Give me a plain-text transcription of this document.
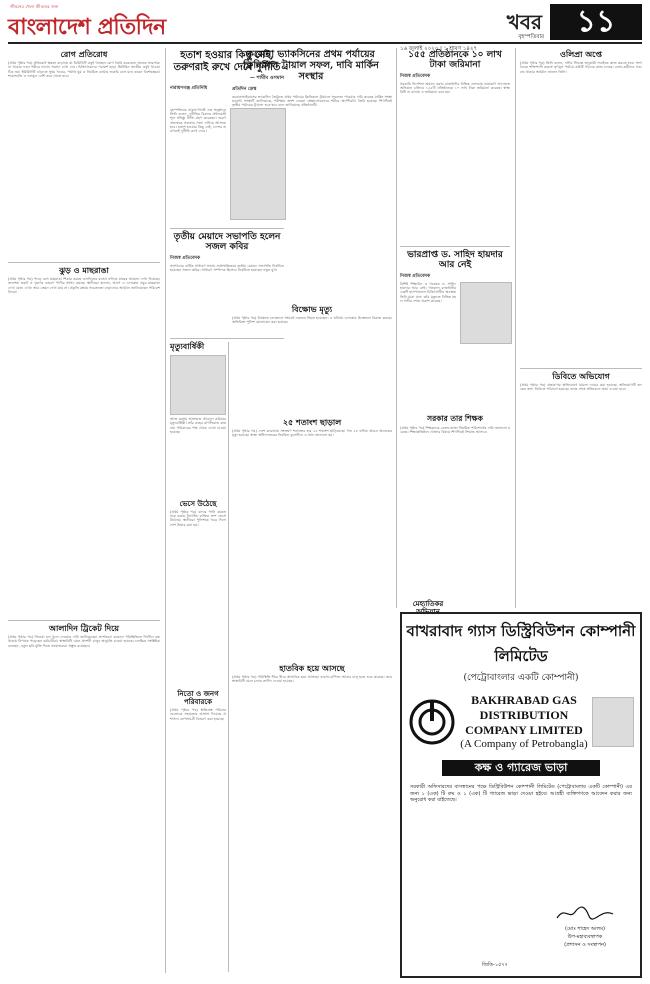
জীবনের খেলা জীবনের জন্য
বাংলাদেশ প্রতিদিন	খবর	১১
বৃহস্পতিবার
১৬ জুলাই ২০২০ | ১ শ্রাবণ ১৪২৭
রোগ প্রতিরোধ
(প্রথম পৃষ্ঠার পর) প্রতিরোধ ক্ষমতা বাড়াতে যা ডিমিনিটি ওষুধ খাচ্ছেন রোগ তৈরি করেছেন। অনেক ভারসাম্য না থাকার ফলে শরীরে নানান সমস্যা দেখা দেয়। চিকিৎসকদের পরামর্শ ছাড়া ভিটামিন জাতীয় ওষুধ খাওয়া ঠিক নয়। ইমিউনিটি বাড়াতে সুষম খাবার, পর্যাপ্ত ঘুম ও নিয়মিত ব্যায়াম জরুরি বলে মনে করেন বিশেষজ্ঞরা। শাকসবজি ও ফলমূল বেশি করে খেতে হবে।
ঝুড় ও মাছরাঙা
(প্রথম পৃষ্ঠার পর) পাড়ে বসে মাছরাঙা শিকার করছে ডলফিনের মতো। নদীতে মাছের আকাল দেখা দিয়েছে। জলাশয় ভরাট ও দূষণের কারণে পাখির সংখ্যা কমছে। স্থানীয়রা জানান, আগে এ এলাকায় প্রচুর মাছরাঙা দেখা যেত। এখন আর তেমন দেখা যায় না। প্রকৃতি রক্ষায় সচেতনতা বাড়ানোর আহ্বান জানিয়েছেন পরিবেশবিদরা।
আলাদিন ট্রিকেট দিয়ে
(প্রথম পৃষ্ঠার পর) সিনেমা হল খুলে দেওয়ার দাবি জানিয়েছেন প্রদর্শকরা। করোনা পরিস্থিতিতে দীর্ঘদিন বন্ধ থাকায় বিপাকে পড়েছেন কর্মচারীরা। স্বাস্থ্যবিধি মেনে প্রদর্শনী চালুর অনুমতি চাওয়া হয়েছে। চলচ্চিত্র সংশ্লিষ্টরা বলছেন, নতুন ছবি মুক্তি দিতে প্রযোজকরা প্রস্তুত রয়েছেন।
হতাশ হওয়ার কিছু নেই, তরুণরাই রুখে দেবে দুর্নীতি
— শামীম ওসমান
নারায়ণগঞ্জ প্রতিনিধি
বৃহস্পতিবার নারায়ণগঞ্জে এক অনুষ্ঠানে তিনি বলেন, দুর্নীতির বিরুদ্ধে প্রধানমন্ত্রী শূন্য সহিষ্ণু নীতি গ্রহণ করেছেন। তরুণ প্রজন্মকে সততার সঙ্গে এগিয়ে আসতে হবে। হতাশ হওয়ার কিছু নেই, দেশের তরুণরাই দুর্নীতি রুখে দেবে।
তৃতীয় মেয়াদে সভাপতি হলেন সজল কবির
নিজস্ব প্রতিবেদক
সংগঠনের বার্ষিক সাধারণ সভায় সর্বসম্মতিক্রমে তৃতীয় মেয়াদে সভাপতি নির্বাচিত হয়েছেন সজল কবির। সাধারণ সম্পাদক হিসেবে নির্বাচিত হয়েছেন নতুন মুখ।
মৃত্যুবার্ষিকী
আজ মরহুম আলহাজ আবদুল করিমের মৃত্যুবার্ষিকী। তাঁর রুহের মাগফিরাত কামনায় পরিবারের পক্ষ থেকে দোয়া চাওয়া হয়েছে।
ভেসে উঠেছে
(প্রথম পৃষ্ঠার পর) বন্যার পানি কমতে শুরু করায় নিখোঁজ ব্যক্তির লাশ ভেসে উঠেছে। স্থানীয়রা পুলিশকে খবর দিলে লাশ উদ্ধার করা হয়।
নিতো ও জনগ পরিবারকে
(প্রথম পৃষ্ঠার পর) ক্ষতিগ্রস্ত পরিবারগুলোকে সহায়তার আশ্বাস দিয়েছে প্রশাসন। ত্রাণসামগ্রী বিতরণ করা হয়েছে।
করোনা ভ্যাকসিনের প্রথম পর্যায়ের ক্লিনিকাল ট্রায়াল সফল, দাবি মার্কিন সংস্থার
প্রতিদিন ডেস্ক
করোনাভাইরাসের ভ্যাকসিন তৈরিতে প্রথম পর্যায়ের ক্লিনিকাল ট্রায়ালে সফলতা পাওয়ার দাবি করেছে মার্কিন সংস্থা মডার্না। সংস্থাটি জানিয়েছে, পরীক্ষায় অংশ নেওয়া স্বেচ্ছাসেবকদের শরীরে অ্যান্টিবডি তৈরি হয়েছে। শিগগিরই তৃতীয় পর্যায়ের ট্রায়াল শুরু হবে বলে জানিয়েছে প্রতিষ্ঠানটি।
বিক্ষোভ মৃত্যু
(প্রথম পৃষ্ঠার পর) বিক্ষোভ চলাকালে সংঘর্ষে একজন নিহত হয়েছেন। এ ঘটনায় এলাকায় উত্তেজনা বিরাজ করছে। অতিরিক্ত পুলিশ মোতায়েন করা হয়েছে।
২৫ শতাংশ ছাড়াল
(প্রথম পৃষ্ঠার পর) দেশে করোনায় সংক্রমণ শনাক্তের হার ২৫ শতাংশ ছাড়িয়েছে। গত ২৪ ঘণ্টায় আরও অনেকের মৃত্যু হয়েছে। স্বাস্থ্য অধিদফতরের নিয়মিত বুলেটিনে এ তথ্য জানানো হয়।
হাতবিক হয়ে আসছে
(প্রথম পৃষ্ঠার পর) পরিস্থিতি ধীরে ধীরে স্বাভাবিক হয়ে আসছে। ব্যবসা-বাণিজ্য আবার চালু হতে শুরু করেছে। তবে স্বাস্থ্যবিধি মেনে চলার তাগিদ দেওয়া হয়েছে।
১৫৫ প্রতিষ্ঠানকে ১০ লাখ টাকা জরিমানা
নিজস্ব প্রতিবেদক
সরকারি নির্দেশনা অমান্য করায় রাজধানীর বিভিন্ন এলাকায় ভ্রাম্যমাণ আদালত অভিযান চালিয়ে ১৫৫টি প্রতিষ্ঠানকে ১০ লাখ টাকা জরিমানা করেছে। স্বাস্থ্যবিধি না মানায় এ জরিমানা করা হয়।
ভারপ্রাপ্ত ড. সাহিদ হায়দার আর নেই
নিজস্ব প্রতিবেদক
বিশিষ্ট শিক্ষাবিদ ও গবেষক ড. সাহিদ হায়দার আর নেই। গতকাল রাজধানীর একটি হাসপাতালে চিকিৎসাধীন অবস্থায় তিনি মারা যান। তাঁর মৃত্যুতে বিভিন্ন মহল গভীর শোক প্রকাশ করেছে।
সরকার তার শিক্ষক
(প্রথম পৃষ্ঠার পর) শিক্ষকদের বেতন-ভাতা নিয়মিত পরিশোধের দাবি জানানো হয়েছে। শিক্ষাপ্রতিষ্ঠান খোলার বিষয়ে শিগগিরই সিদ্ধান্ত আসবে।
মেহ্যাতিকর অভিযান
ওলিপ্রা অপ্তে
(প্রথম পৃষ্ঠার পর) তিনি বলেন, দলীয় সিদ্ধান্ত অনুযায়ী সবাইকে কাজ করতে হবে। সংগঠনকে শক্তিশালী করতে তৃণমূল পর্যায়ে কমিটি গঠনের কাজ চলছে। নেতা-কর্মীদের ঐক্যবদ্ধ থাকার আহ্বান জানান তিনি।
ডিবিতে অভিযোগ
(প্রথম পৃষ্ঠার পর) প্রতারণার অভিযোগে মামলা দায়ের করা হয়েছে। অভিযোগটি তদন্তের জন্য ডিবিতে পাঠানো হয়েছে। তদন্ত শেষে প্রতিবেদন জমা দেওয়া হবে।
বাখরাবাদ গ্যাস ডিস্ট্রিবিউশন কোম্পানী লিমিটেড
(পেট্রোবাংলার একটি কোম্পানী)
BAKHRABAD GAS DISTRIBUTION COMPANY LIMITED
(A Company of Petrobangla)
কক্ষ ও গ্যারেজ ভাড়া
সরকারী অফিসারদের বাসস্থানের পক্ষে ডিস্ট্রিবিউশন কোম্পানী লিমিটেড (পেট্রোবাংলার একটি কোম্পানী) এর জন্য ১ (এক) টি রুম ও ১ (এক) টি গ্যারেজ ভাড়া দেওয়া হইবে। আগ্রহী ব্যক্তিগণকে আবেদন করার জন্য অনুরোধ করা যাইতেছে।
(মোঃ শাহেদ আলম)
উপ-মহাব্যবস্থাপক
(প্রশাসন ও সংস্থাপন)
জিডি-১৫৭৭
